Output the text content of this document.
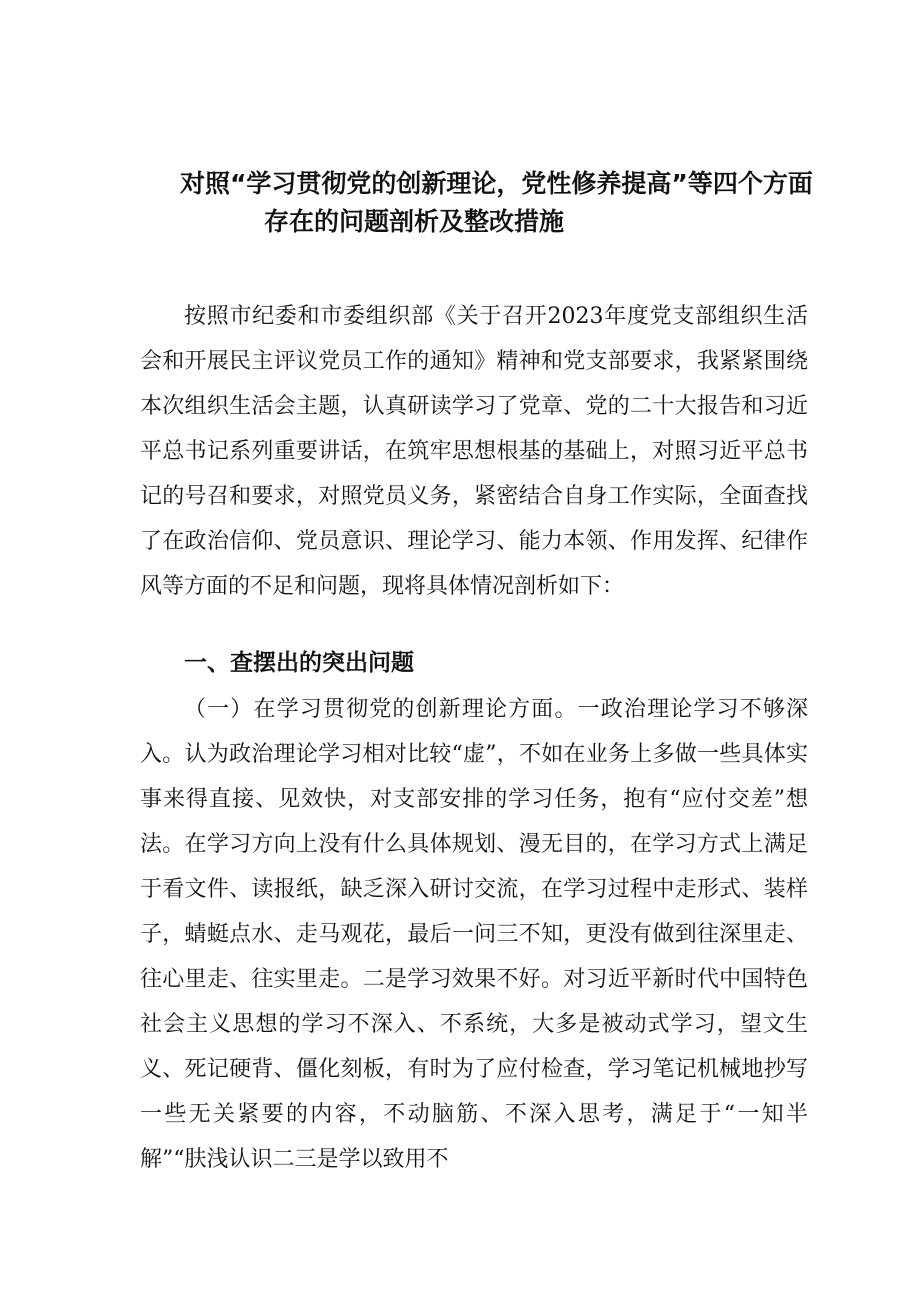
对照“学习贯彻党的创新理论，党性修养提高”等四个方面
存在的问题剖析及整改措施

按照市纪委和市委组织部《关于召开2023年度党支部组织生活会和开展民主评议党员工作的通知》精神和党支部要求，我紧紧围绕本次组织生活会主题，认真研读学习了党章、党的二十大报告和习近平总书记系列重要讲话，在筑牢思想根基的基础上，对照习近平总书记的号召和要求，对照党员义务，紧密结合自身工作实际，全面查找了在政治信仰、党员意识、理论学习、能力本领、作用发挥、纪律作风等方面的不足和问题，现将具体情况剖析如下：

一、查摆出的突出问题

（一）在学习贯彻党的创新理论方面。一政治理论学习不够深入。认为政治理论学习相对比较“虚”，不如在业务上多做一些具体实事来得直接、见效快，对支部安排的学习任务，抱有“应付交差”想法。在学习方向上没有什么具体规划、漫无目的，在学习方式上满足于看文件、读报纸，缺乏深入研讨交流，在学习过程中走形式、装样子，蜻蜓点水、走马观花，最后一问三不知，更没有做到往深里走、往心里走、往实里走。二是学习效果不好。对习近平新时代中国特色社会主义思想的学习不深入、不系统，大多是被动式学习，望文生义、死记硬背、僵化刻板，有时为了应付检查，学习笔记机械地抄写一些无关紧要的内容，不动脑筋、不深入思考，满足于“一知半解”“肤浅认识二三是学以致用不
